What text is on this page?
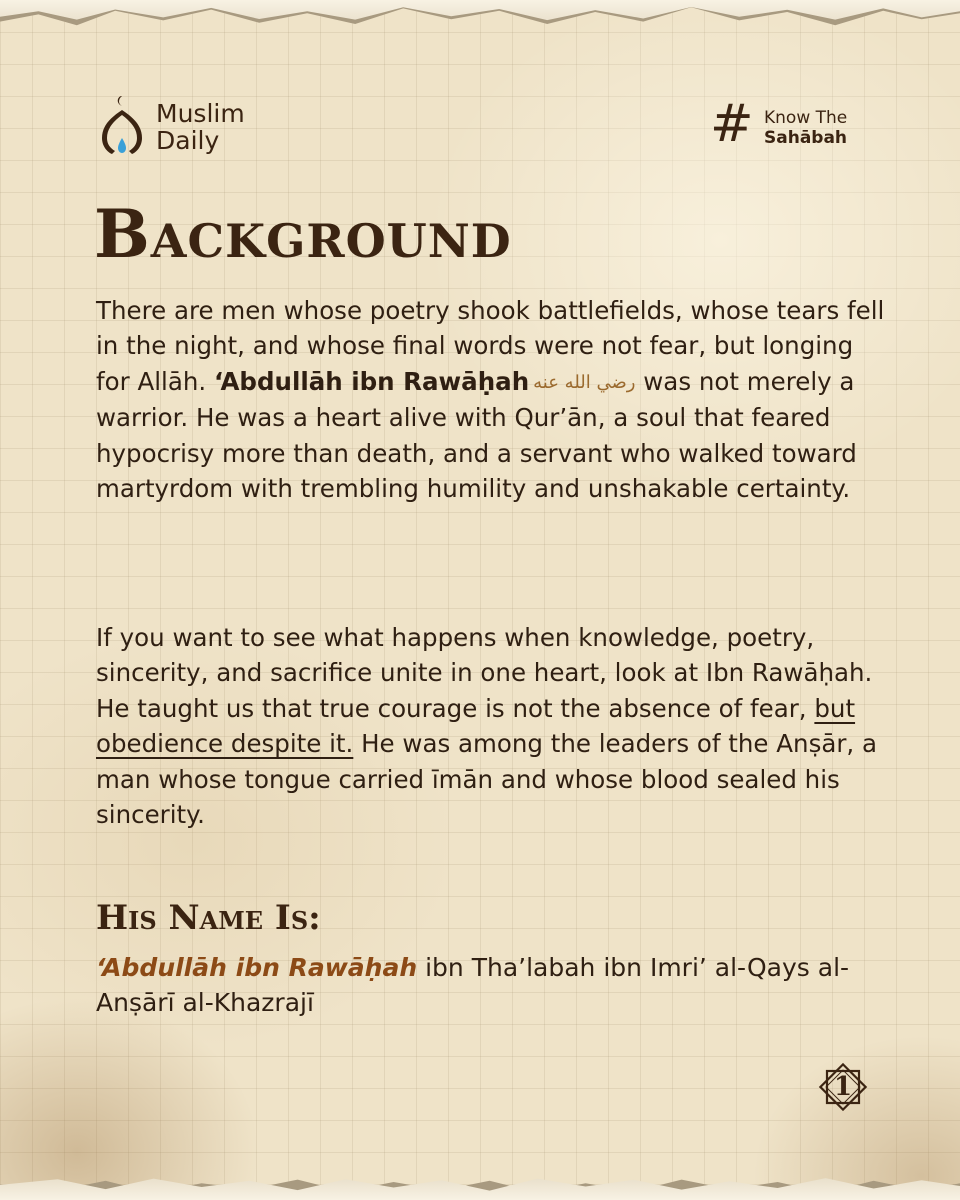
Muslim
Daily	# Know The
Sahābah
Background

There are men whose poetry shook battlefields, whose tears fell in the night, and whose final words were not fear, but longing for Allāh. ‘Abdullāh ibn Rawāḥah رضي الله عنه was not merely a warrior. He was a heart alive with Qur’ān, a soul that feared hypocrisy more than death, and a servant who walked toward martyrdom with trembling humility and unshakable certainty.

If you want to see what happens when knowledge, poetry, sincerity, and sacrifice unite in one heart, look at Ibn Rawāḥah. He taught us that true courage is not the absence of fear, but obedience despite it. He was among the leaders of the Anṣār, a man whose tongue carried īmān and whose blood sealed his sincerity.

His Name Is:

‘Abdullāh ibn Rawāḥah ibn Tha’labah ibn Imri’ al-Qays al-Anṣārī al-Khazrajī

1
